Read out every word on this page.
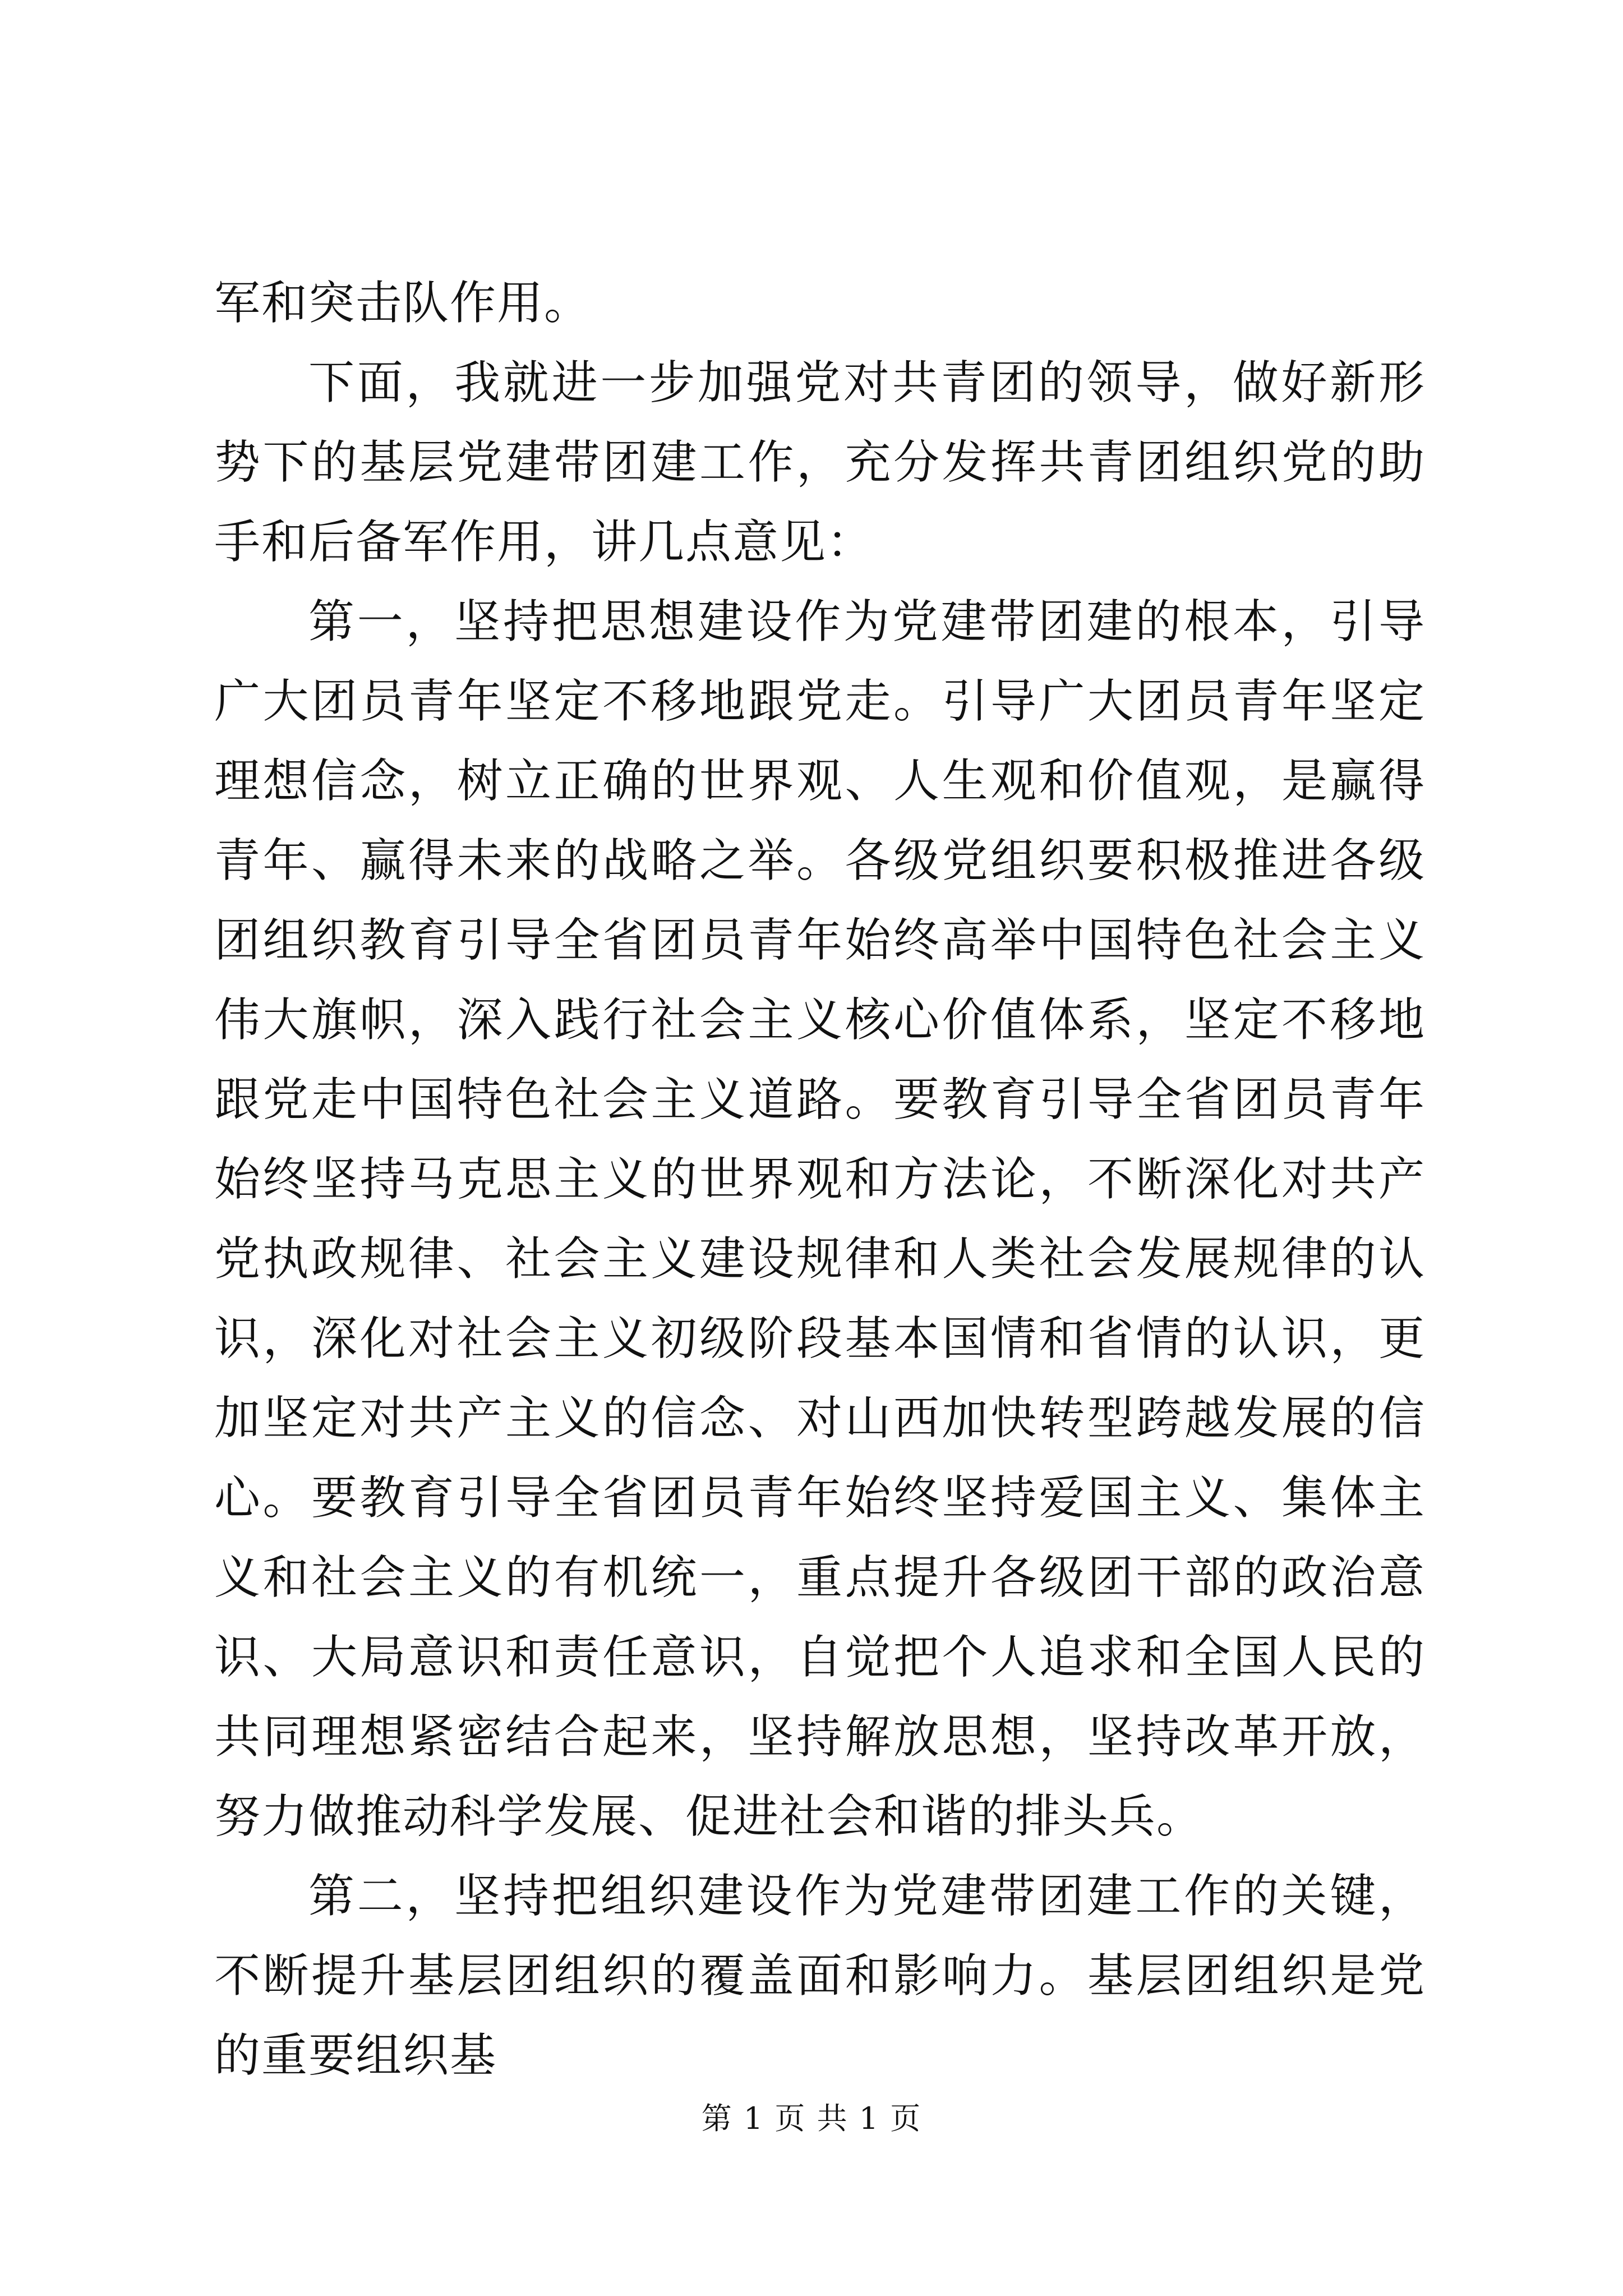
军和突击队作用。

下面，我就进一步加强党对共青团的领导，做好新形势下的基层党建带团建工作，充分发挥共青团组织党的助手和后备军作用，讲几点意见：

第一，坚持把思想建设作为党建带团建的根本，引导广大团员青年坚定不移地跟党走。引导广大团员青年坚定理想信念，树立正确的世界观、人生观和价值观，是赢得青年、赢得未来的战略之举。各级党组织要积极推进各级团组织教育引导全省团员青年始终高举中国特色社会主义伟大旗帜，深入践行社会主义核心价值体系，坚定不移地跟党走中国特色社会主义道路。要教育引导全省团员青年始终坚持马克思主义的世界观和方法论，不断深化对共产党执政规律、社会主义建设规律和人类社会发展规律的认识，深化对社会主义初级阶段基本国情和省情的认识，更加坚定对共产主义的信念、对山西加快转型跨越发展的信心。要教育引导全省团员青年始终坚持爱国主义、集体主义和社会主义的有机统一，重点提升各级团干部的政治意识、大局意识和责任意识，自觉把个人追求和全国人民的共同理想紧密结合起来，坚持解放思想，坚持改革开放，努力做推动科学发展、促进社会和谐的排头兵。

第二，坚持把组织建设作为党建带团建工作的关键，不断提升基层团组织的覆盖面和影响力。基层团组织是党的重要组织基

第 1 页 共 1 页
